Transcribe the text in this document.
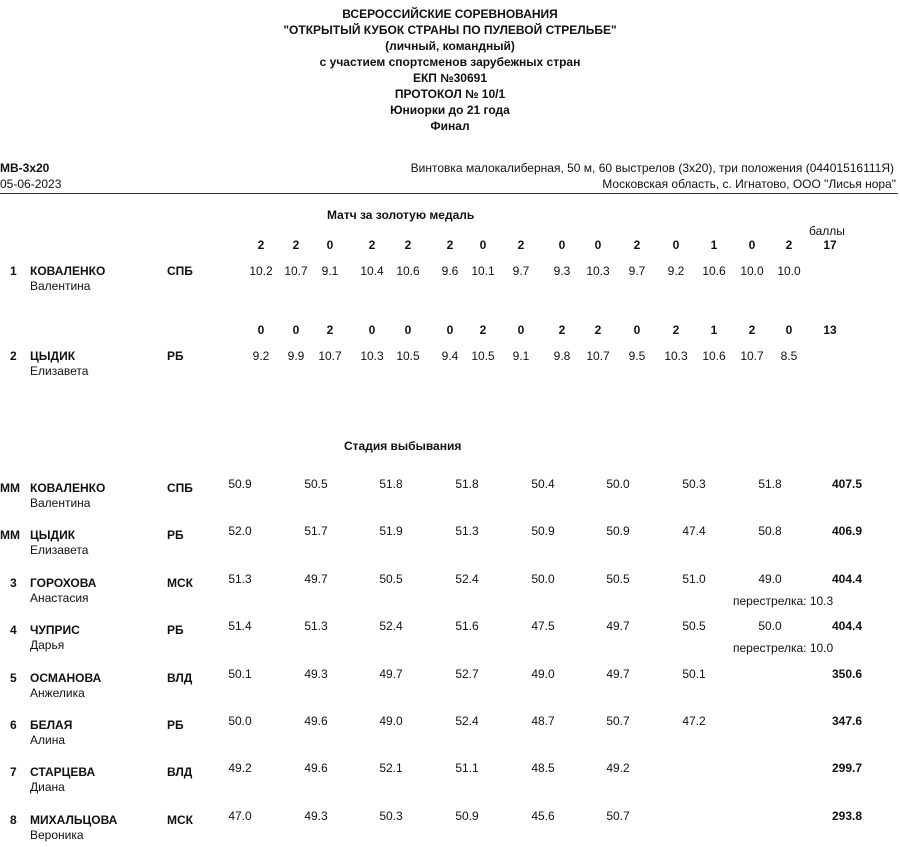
ВСЕРОССИЙСКИЕ СОРЕВНОВАНИЯ
"ОТКРЫТЫЙ КУБОК СТРАНЫ ПО ПУЛЕВОЙ СТРЕЛЬБЕ"
(личный, командный)
с участием спортсменов зарубежных стран
ЕКП №30691
ПРОТОКОЛ № 10/1
Юниорки до 21 года
Финал
МВ-3х20
05-06-2023
Винтовка малокалиберная, 50 м, 60 выстрелов (3х20), три положения (04401516111Я)
Московская область, с. Игнатово, ООО "Лисья нора"
Матч за золотую медаль
баллы
1 КОВАЛЕНКО
Валентина
СПБ
2	2	0	2	2	2	0	2	0	0	2	0	1	0	2	17
10.2 10.7	9.1	10.4	10.6	9.6	10.1	9.7	9.3	10.3	9.7	9.2	10.6	10.0	10.0
2 ЦЫДИК
Елизавета
РБ
0	0	2	0	0	0	2	0	2	2	0	2	1	2	0	13
9.2	9.9	10.7	10.3	10.5	9.4	10.5	9.1	9.8	10.7	9.5	10.3	10.6	10.7	8.5
Стадия выбывания
ММ КОВАЛЕНКО
Валентина
СПБ	50.9	50.5	51.8	51.8	50.4	50.0	50.3	51.8	407.5
ММ ЦЫДИК
Елизавета
РБ	52.0	51.7	51.9	51.3	50.9	50.9	47.4	50.8	406.9
3 ГОРОХОВА
Анастасия
МСК	51.3	49.7	50.5	52.4	50.0	50.5	51.0	49.0	404.4
перестрелка: 10.3
4 ЧУПРИС
Дарья
РБ	51.4	51.3	52.4	51.6	47.5	49.7	50.5	50.0	404.4
перестрелка: 10.0
5 ОСМАНОВА
Анжелика
ВЛД	50.1	49.3	49.7	52.7	49.0	49.7	50.1	350.6
6 БЕЛАЯ
Алина
РБ	50.0	49.6	49.0	52.4	48.7	50.7	47.2	347.6
7 СТАРЦЕВА
Диана
ВЛД	49.2	49.6	52.1	51.1	48.5	49.2	299.7
8 МИХАЛЬЦОВА
Вероника
МСК	47.0	49.3	50.3	50.9	45.6	50.7	293.8
